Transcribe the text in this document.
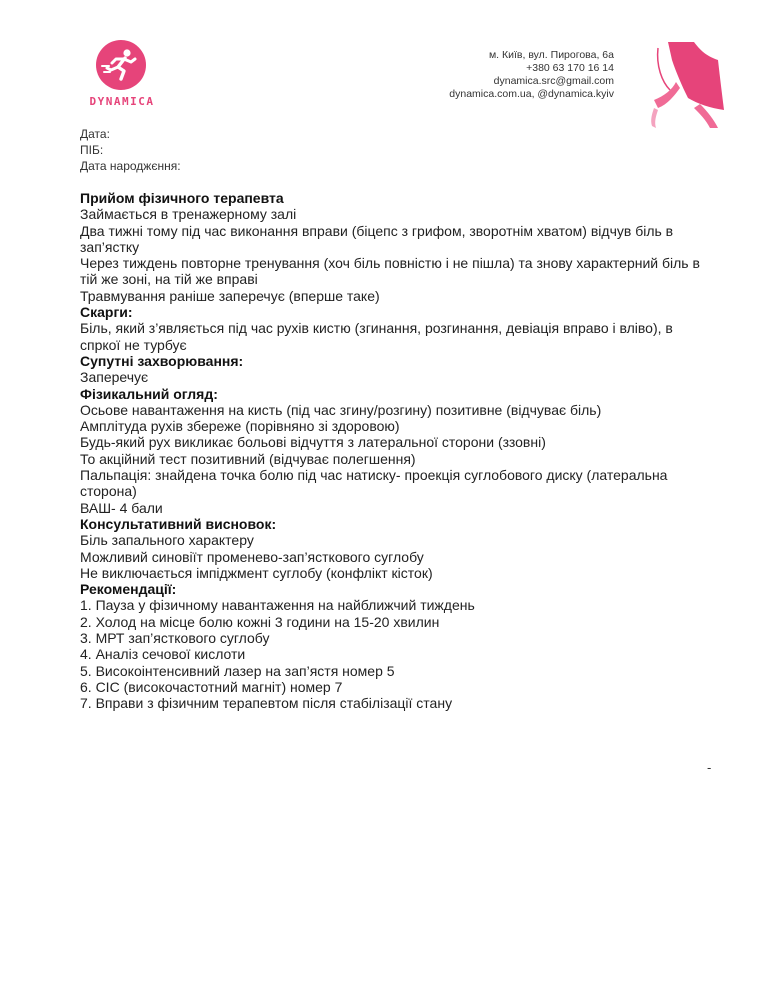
DYNAMICA
м. Київ, вул. Пирогова, 6а
+380 63 170 16 14
dynamica.src@gmail.com
dynamica.com.ua, @dynamica.kyiv
Дата:
ПІБ:
Дата народжєння:

Прийом фізичного терапевта

Займається в тренажерному залі

Два тижні тому під час виконання вправи (біцепс з грифом, зворотнім хватом) відчув біль в зап’ястку

Через тиждень повторне тренування (хоч біль повністю і не пішла) та знову характерний біль в тій же зоні, на тій же вправі

Травмування раніше заперечує (вперше таке)

Скарги:

Біль, який з’являється під час рухів кистю (згинання, розгинання, девіація вправо і вліво), в спркої не турбує

Супутні захворювання:

Заперечує

Фізикальний огляд:

Осьове навантаження на кисть (під час згину/розгину) позитивне (відчуває біль)

Амплітуда рухів збереже (порівняно зі здоровою)

Будь-який рух викликає больові відчуття з латеральної сторони (ззовні)

То акційний тест позитивний (відчуває полегшення)

Пальпація: знайдена точка болю під час натиску- проекція суглобового диску (латеральна сторона)

ВАШ- 4 бали

Консультативний висновок:

Біль запального характеру

Можливий синовіїт променево-зап’ясткового суглобу

Не виключається імпіджмент суглобу (конфлікт кісток)

Рекомендації:

1. Пауза у фізичному навантаження на найближчий тиждень

2. Холод на місце болю кожні 3 години на 15-20 хвилин

3. МРТ зап’ясткового суглобу

4. Аналіз сечової кислоти

5. Високоінтенсивний лазер на зап’ястя номер 5

6. СІС (високочастотний магніт) номер 7

7. Вправи з фізичним терапевтом після стабілізації стану

-
